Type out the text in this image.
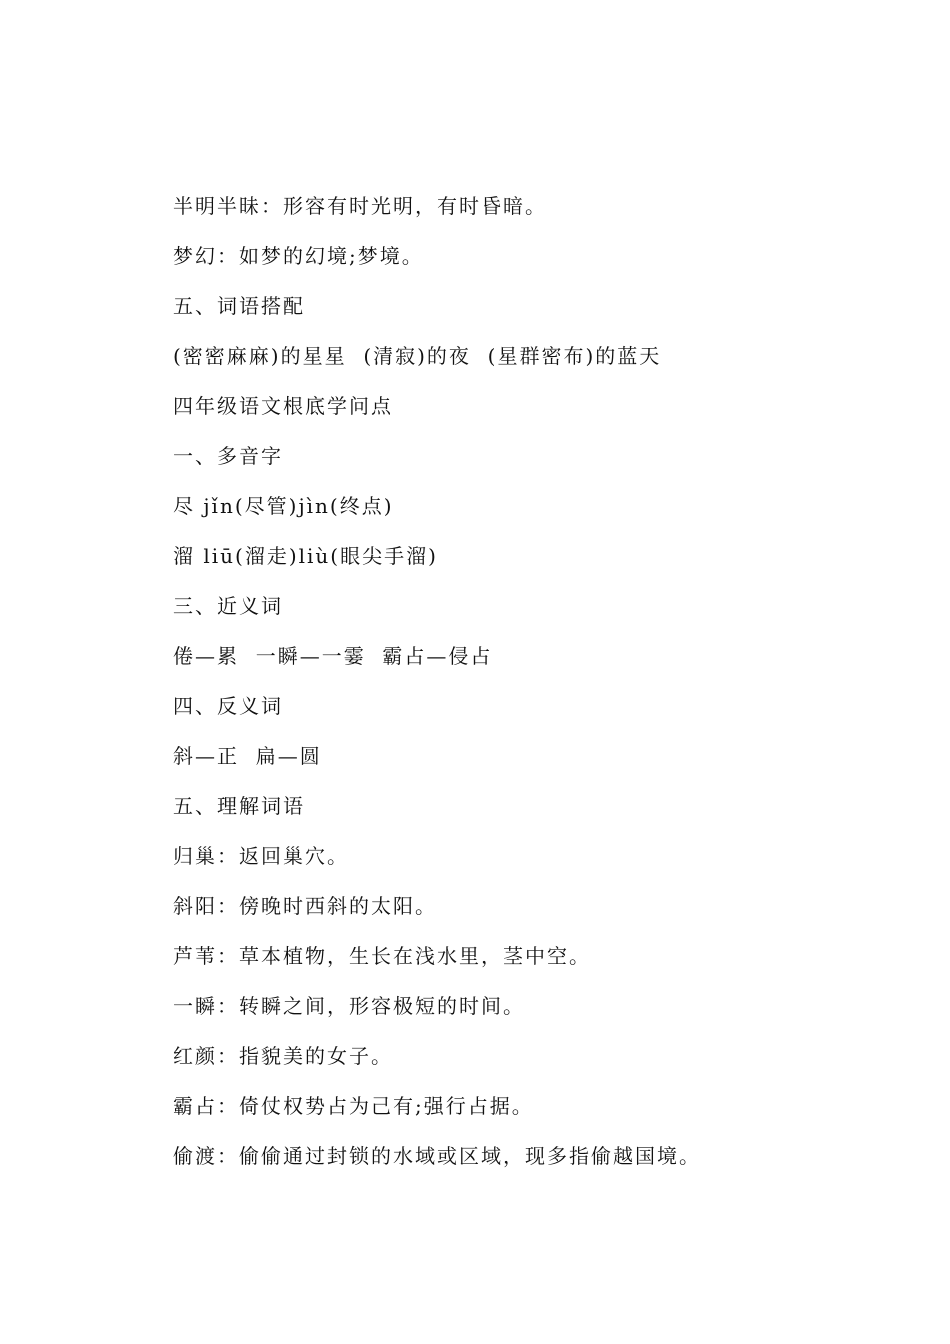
半明半昧：形容有时光明，有时昏暗。
梦幻：如梦的幻境;梦境。
五、词语搭配
(密密麻麻)的星星  (清寂)的夜  (星群密布)的蓝天
四年级语文根底学问点
一、多音字
尽 jǐn(尽管)jìn(终点)
溜 liū(溜走)liù(眼尖手溜)
三、近义词
倦—累  一瞬—一霎  霸占—侵占
四、反义词
斜—正  扁—圆
五、理解词语
归巢：返回巢穴。
斜阳：傍晚时西斜的太阳。
芦苇：草本植物，生长在浅水里，茎中空。
一瞬：转瞬之间，形容极短的时间。
红颜：指貌美的女子。
霸占：倚仗权势占为己有;强行占据。
偷渡：偷偷通过封锁的水域或区域，现多指偷越国境。
